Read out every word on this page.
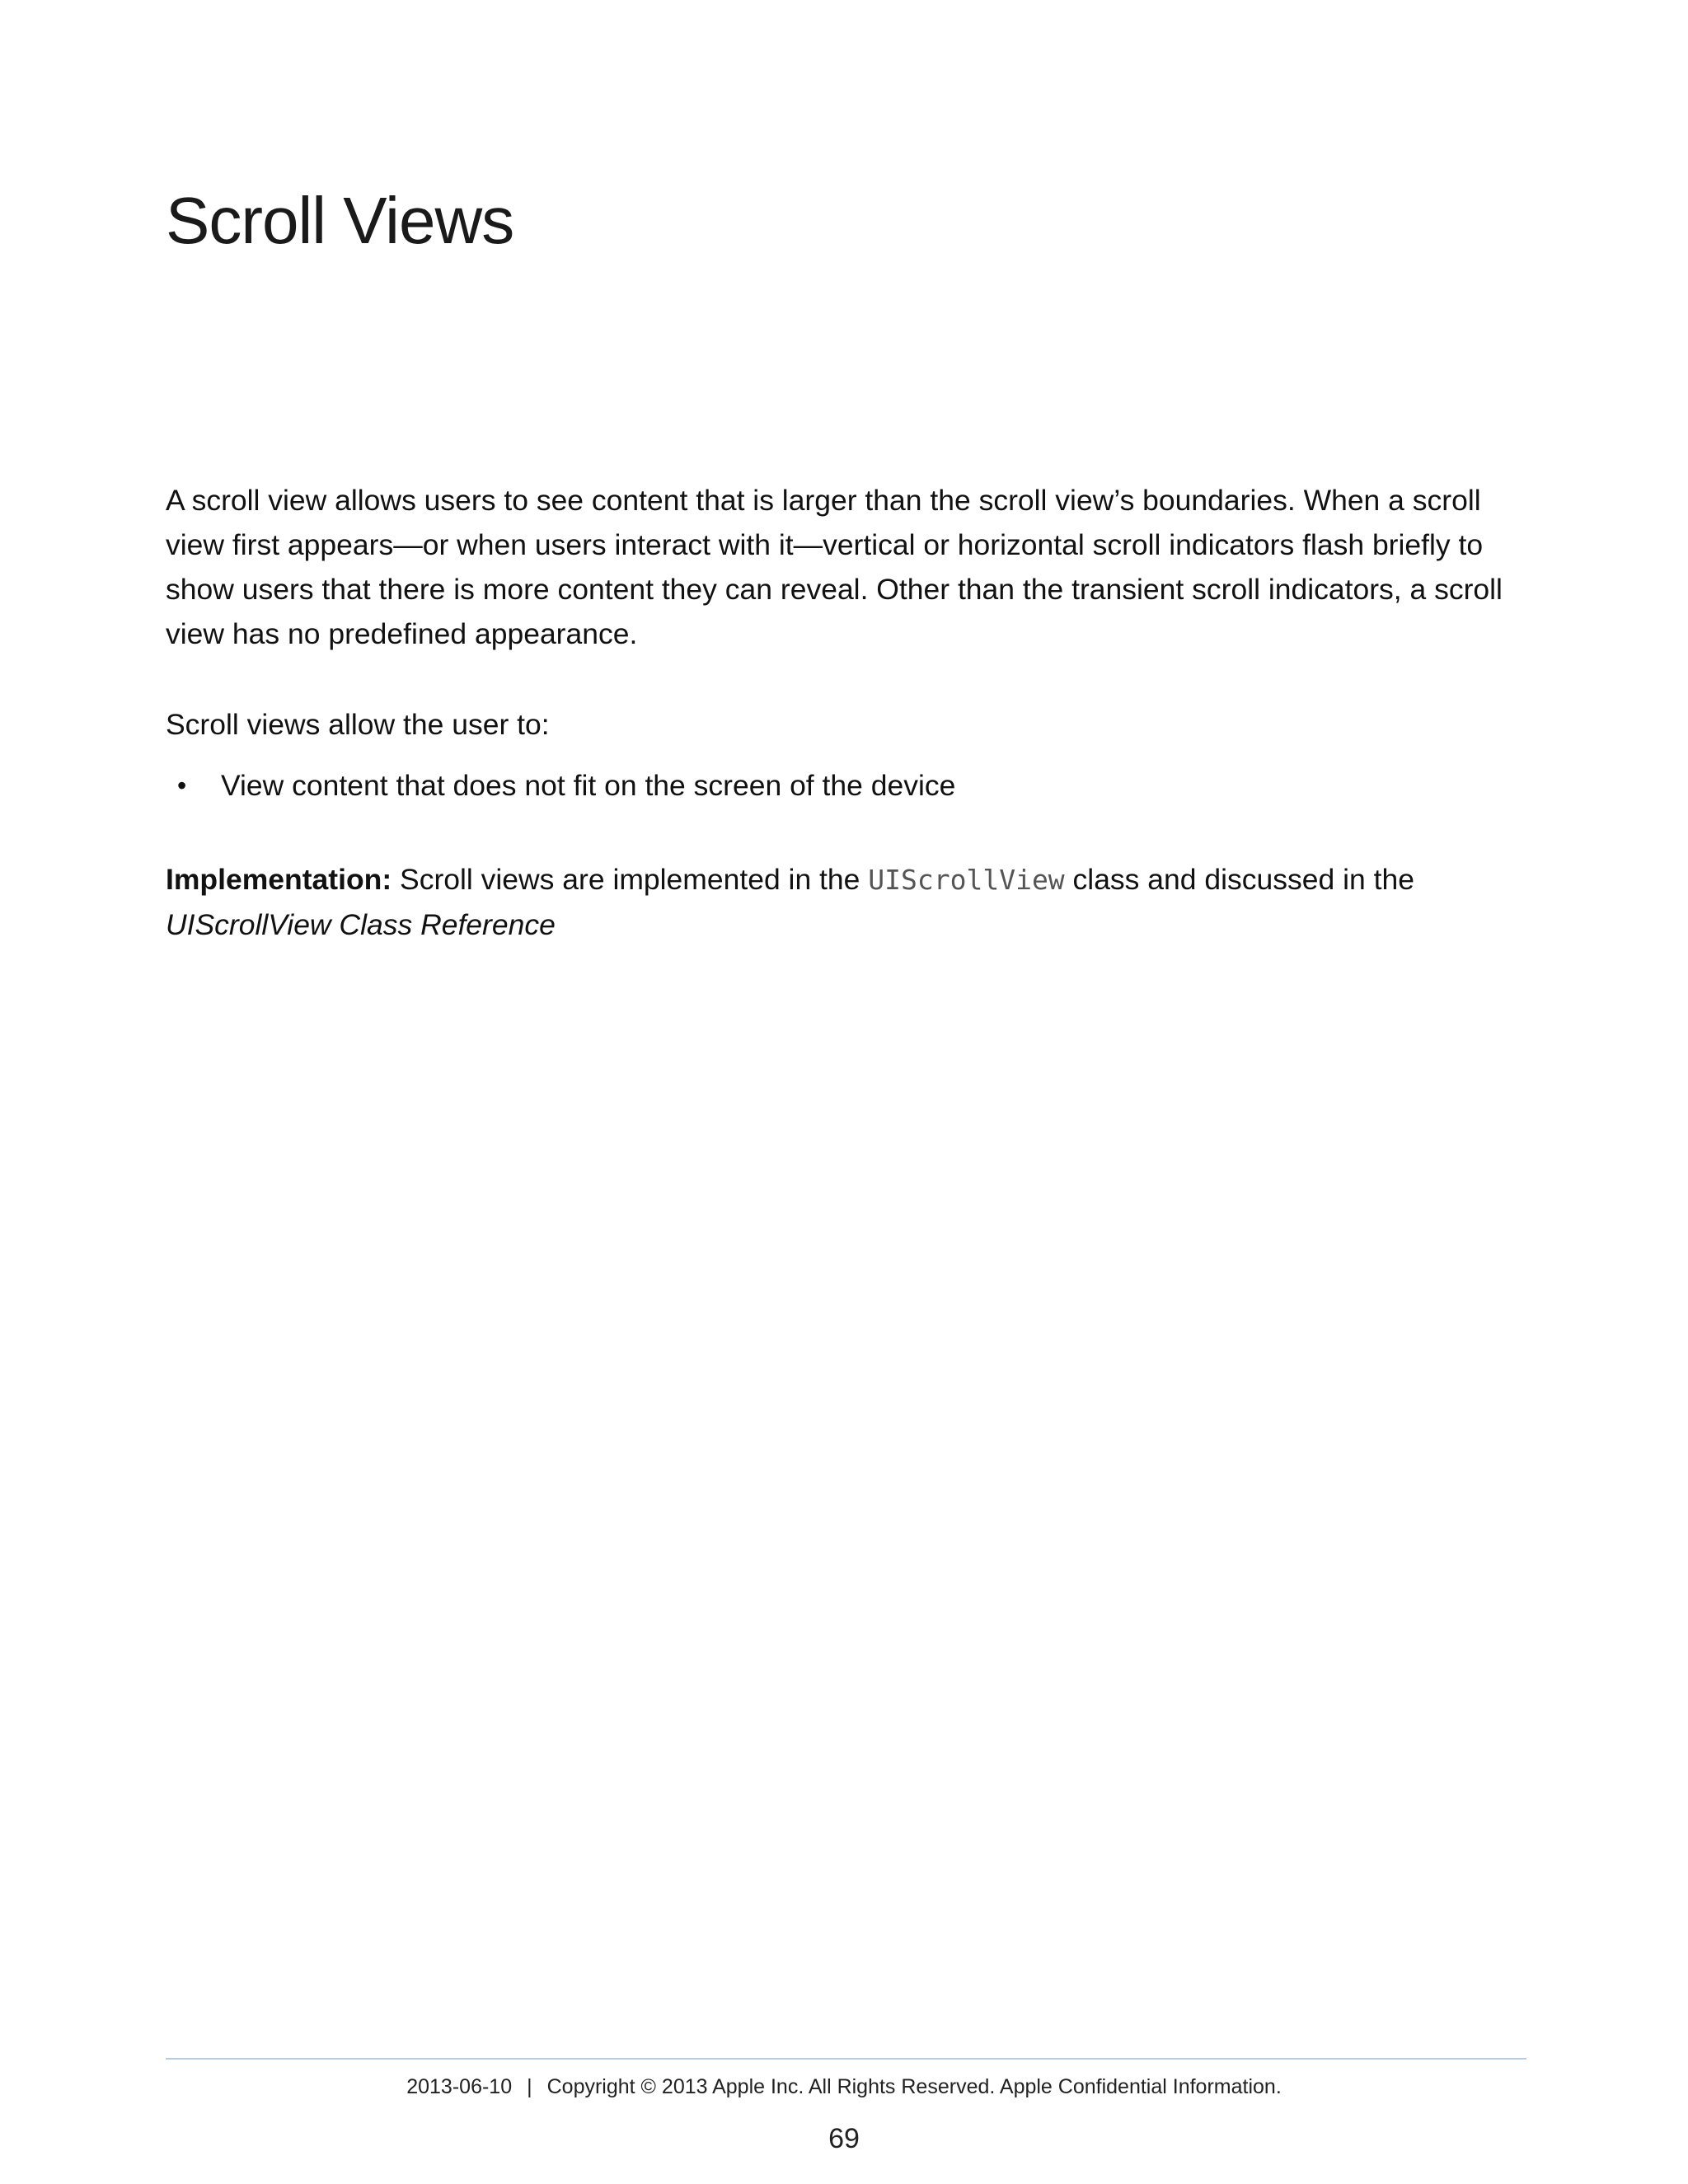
Scroll Views

A scroll view allows users to see content that is larger than the scroll view’s boundaries. When a scroll view first appears—or when users interact with it—vertical or horizontal scroll indicators flash briefly to show users that there is more content they can reveal. Other than the transient scroll indicators, a scroll view has no predefined appearance.

Scroll views allow the user to:

• View content that does not fit on the screen of the device

Implementation: Scroll views are implemented in the UIScrollView class and discussed in the UIScrollView Class Reference

2013-06-10 | Copyright © 2013 Apple Inc. All Rights Reserved. Apple Confidential Information.
69
